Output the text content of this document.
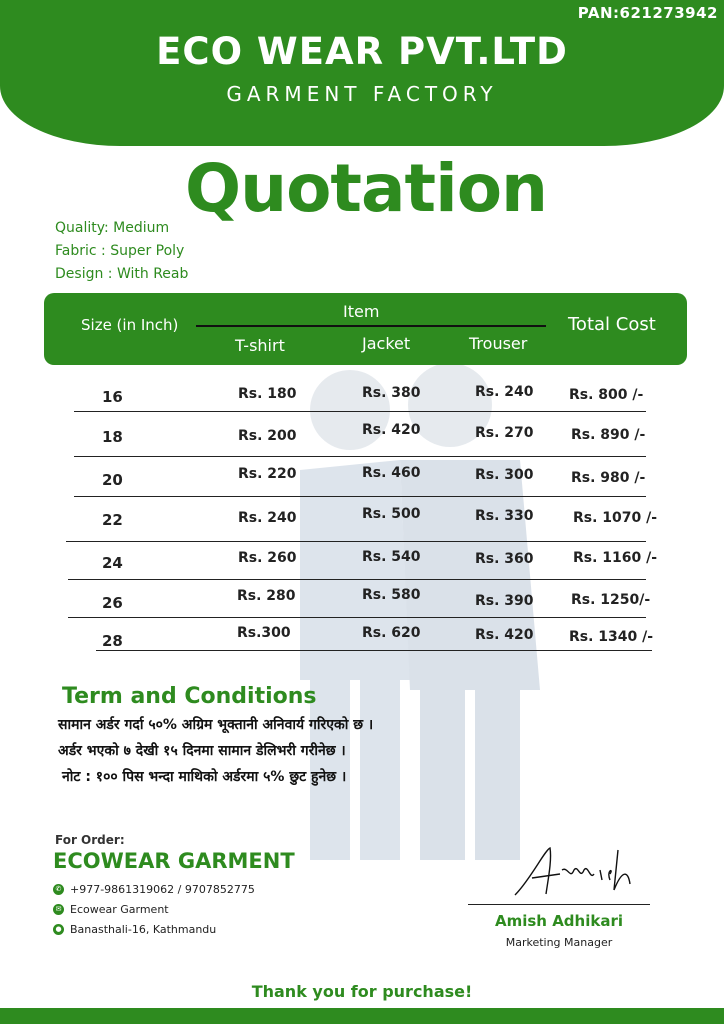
PAN:621273942
ECO WEAR PVT.LTD
GARMENT FACTORY
Quotation
Quality: Medium
Fabric : Super Poly
Design : With Reab
Size (in Inch)
Item
T-shirt	Jacket	Trouser
Total Cost
16	Rs. 180	Rs. 380	Rs. 240	Rs. 800 /-
18	Rs. 200	Rs. 420	Rs. 270	Rs. 890 /-
20	Rs. 220	Rs. 460	Rs. 300	Rs. 980 /-
22	Rs. 240	Rs. 500	Rs. 330	Rs. 1070 /-
24	Rs. 260	Rs. 540	Rs. 360	Rs. 1160 /-
26	Rs. 280	Rs. 580	Rs. 390	Rs. 1250/-
28	Rs.300	Rs. 620	Rs. 420	Rs. 1340 /-
Term and Conditions
सामान अर्डर गर्दा ५०% अग्रिम भूक्तानी अनिवार्य गरिएको छ ।
अर्डर भएको ७ देखी १५ दिनमा सामान डेलिभरी गरीनेछ ।
नोट : १०० पिस भन्दा माथिको अर्डरमा ५% छुट हुनेछ ।
For Order:
ECOWEAR GARMENT
✆ +977-9861319062 / 9707852775
✉ Ecowear Garment
● Banasthali-16, Kathmandu	Amish Adhikari
Marketing Manager
Thank you for purchase!
